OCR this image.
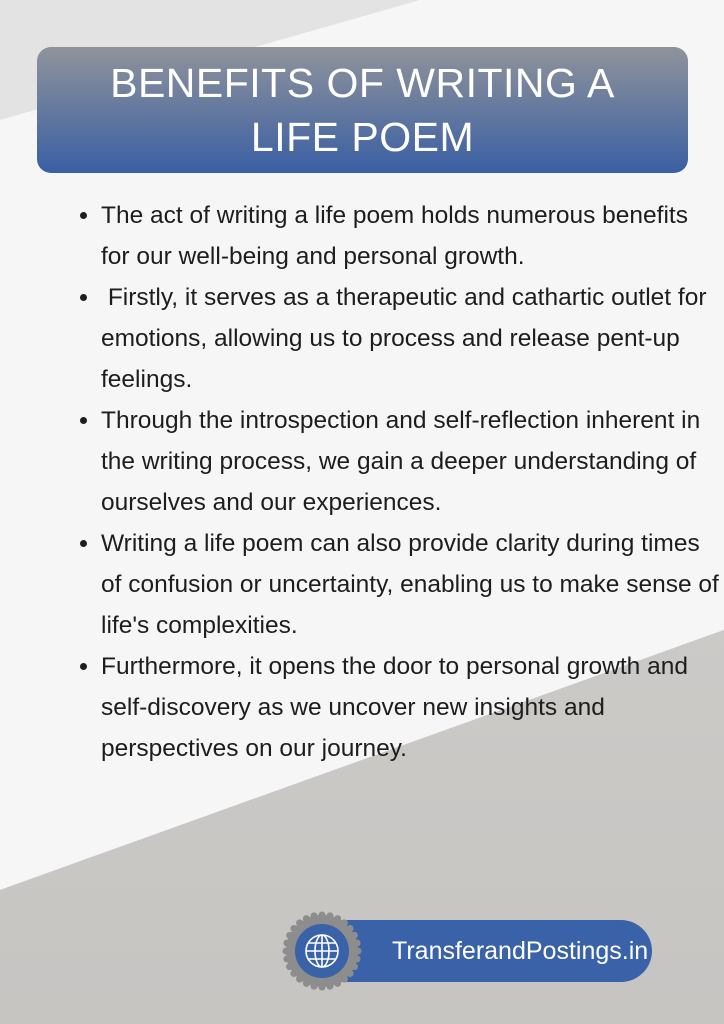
BENEFITS OF WRITING A LIFE POEM
• The act of writing a life poem holds numerous benefits for our well-being and personal growth.
•  Firstly, it serves as a therapeutic and cathartic outlet for emotions, allowing us to process and release pent-up feelings.
• Through the introspection and self-reflection inherent in the writing process, we gain a deeper understanding of ourselves and our experiences.
• Writing a life poem can also provide clarity during times of confusion or uncertainty, enabling us to make sense of life's complexities.
• Furthermore, it opens the door to personal growth and self-discovery as we uncover new insights and perspectives on our journey.
TransferandPostings.in
